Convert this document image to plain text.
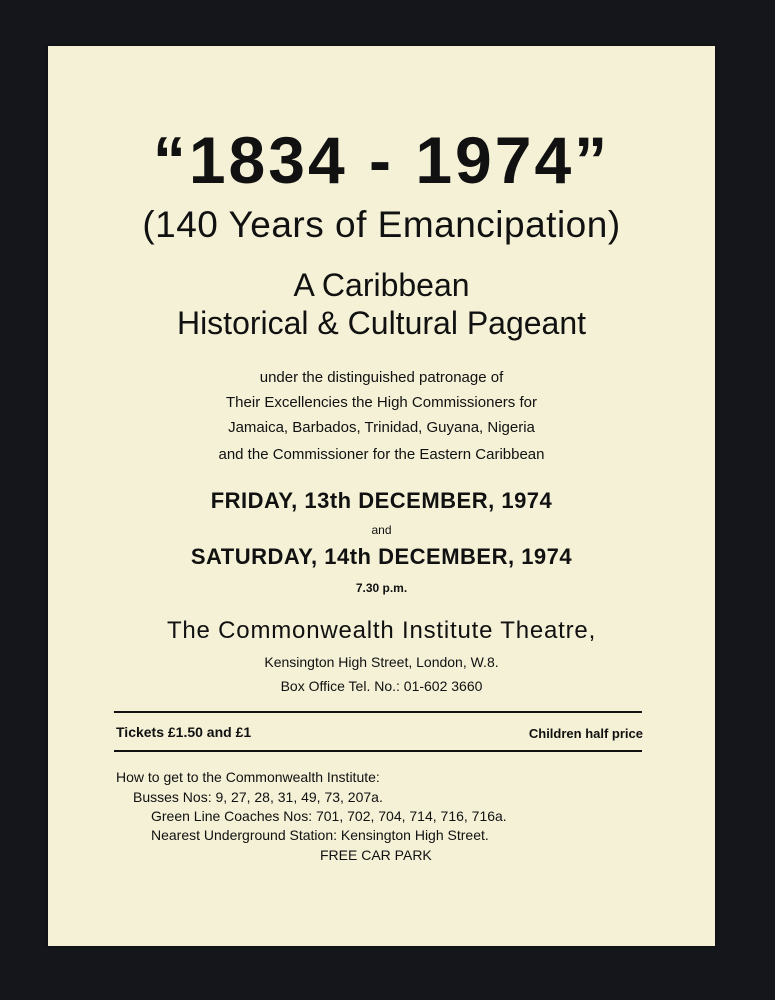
“1834 - 1974”
(140 Years of Emancipation)
A Caribbean
Historical & Cultural Pageant
under the distinguished patronage of
Their Excellencies the High Commissioners for
Jamaica, Barbados, Trinidad, Guyana, Nigeria
and the Commissioner for the Eastern Caribbean
FRIDAY, 13th DECEMBER, 1974
and
SATURDAY, 14th DECEMBER, 1974
7.30 p.m.
The Commonwealth Institute Theatre,
Kensington High Street, London, W.8.
Box Office Tel. No.: 01-602 3660
Tickets £1.50 and £1	Children half price
How to get to the Commonwealth Institute:
Busses Nos: 9, 27, 28, 31, 49, 73, 207a.
Green Line Coaches Nos: 701, 702, 704, 714, 716, 716a.
Nearest Underground Station: Kensington High Street.
FREE CAR PARK
